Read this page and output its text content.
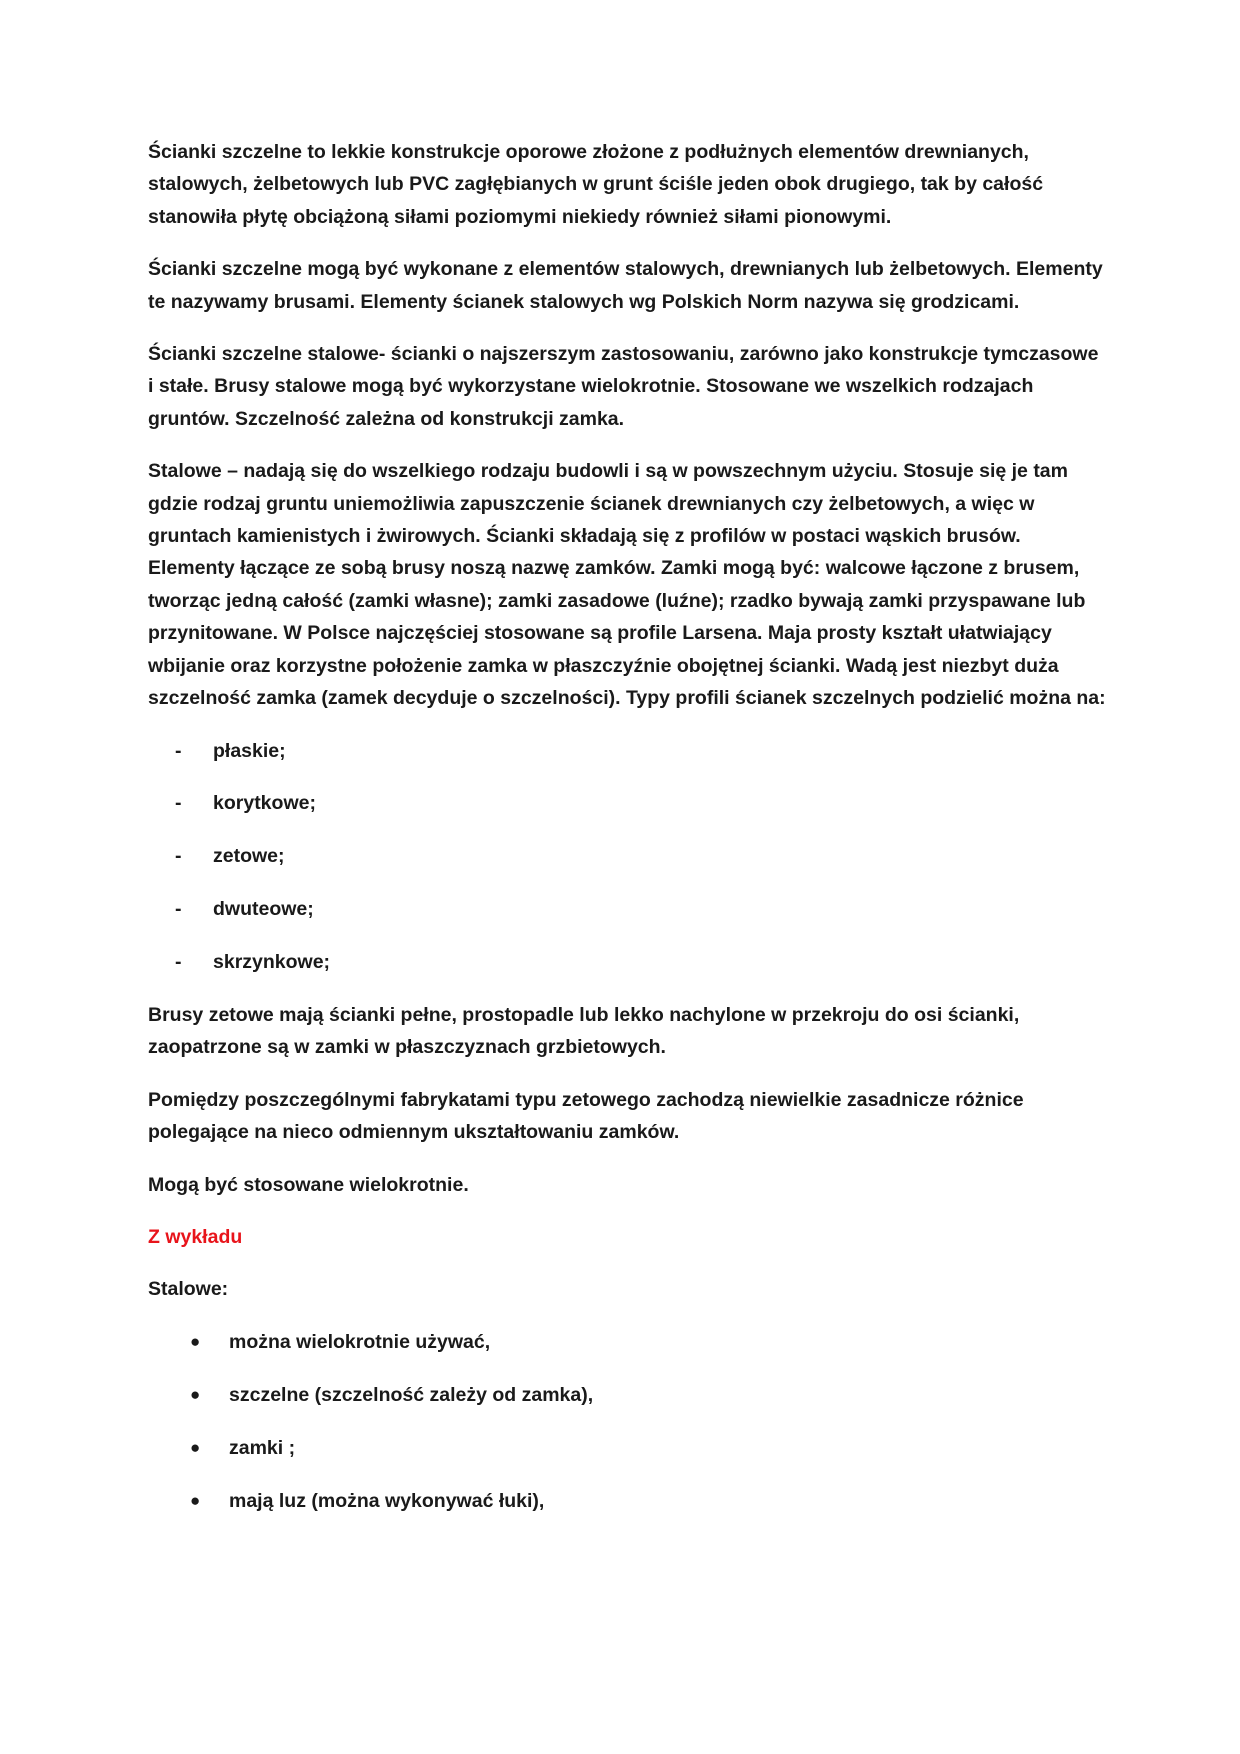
Ścianki szczelne to lekkie konstrukcje oporowe złożone z podłużnych elementów drewnianych, stalowych, żelbetowych lub PVC zagłębianych w grunt ściśle jeden obok drugiego, tak by całość stanowiła płytę obciążoną siłami poziomymi niekiedy również siłami pionowymi.

Ścianki szczelne mogą być wykonane z elementów stalowych, drewnianych lub żelbetowych. Elementy te nazywamy brusami. Elementy ścianek stalowych wg Polskich Norm nazywa się grodzicami.

Ścianki szczelne stalowe- ścianki o najszerszym zastosowaniu, zarówno jako konstrukcje tymczasowe i stałe. Brusy stalowe mogą być wykorzystane wielokrotnie. Stosowane we wszelkich rodzajach gruntów. Szczelność zależna od konstrukcji zamka.

Stalowe – nadają się do wszelkiego rodzaju budowli i są w powszechnym użyciu. Stosuje się je tam gdzie rodzaj gruntu uniemożliwia zapuszczenie ścianek drewnianych czy żelbetowych, a więc w gruntach kamienistych i żwirowych. Ścianki składają się z profilów w postaci wąskich brusów. Elementy łączące ze sobą brusy noszą nazwę zamków. Zamki mogą być: walcowe łączone z brusem, tworząc jedną całość (zamki własne); zamki zasadowe (luźne); rzadko bywają zamki przyspawane lub przynitowane. W Polsce najczęściej stosowane są profile Larsena. Maja prosty kształt ułatwiający wbijanie oraz korzystne położenie zamka w płaszczyźnie obojętnej ścianki. Wadą jest niezbyt duża szczelność zamka (zamek decyduje o szczelności). Typy profili ścianek szczelnych podzielić można na:

- płaskie;
- korytkowe;
- zetowe;
- dwuteowe;
- skrzynkowe;

Brusy zetowe mają ścianki pełne, prostopadle lub lekko nachylone w przekroju do osi ścianki, zaopatrzone są w zamki w płaszczyznach grzbietowych.

Pomiędzy poszczególnymi fabrykatami typu zetowego zachodzą niewielkie zasadnicze różnice polegające na nieco odmiennym ukształtowaniu zamków.

Mogą być stosowane wielokrotnie.

Z wykładu

Stalowe:

● można wielokrotnie używać,
● szczelne (szczelność zależy od zamka),
● zamki ;
● mają luz (można wykonywać łuki),
